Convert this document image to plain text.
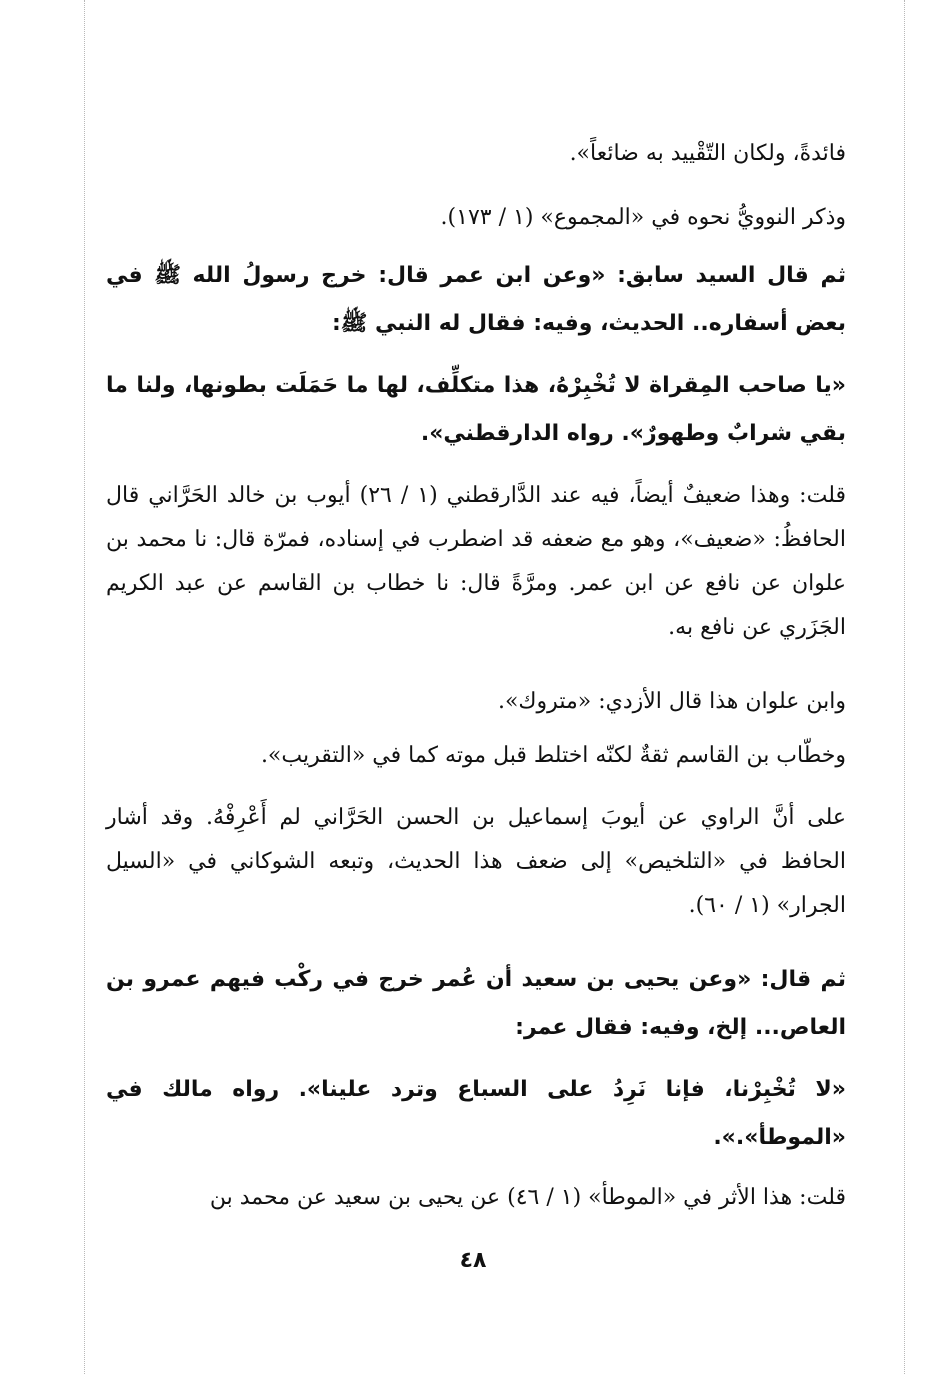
فائدةً، ولكان التّقْييد به ضائعاً».

وذكر النوويُّ نحوه في «المجموع» (١ / ١٧٣).

ثم قال السيد سابق: «وعن ابن عمر قال: خرج رسولُ الله ﷺ في بعض أسفاره.. الحديث، وفيه: فقال له النبي ﷺ:

«يا صاحب المِقراة لا تُخْبِرْهُ، هذا متكلِّف، لها ما حَمَلَت بطونها، ولنا ما بقي شرابٌ وطهورٌ». رواه الدارقطني».

قلت: وهذا ضعيفٌ أيضاً، فيه عند الدَّارقطني (١ / ٢٦) أيوب بن خالد الحَرَّاني قال الحافظُ: «ضعيف»، وهو مع ضعفه قد اضطرب في إسناده، فمرّة قال: نا محمد بن علوان عن نافع عن ابن عمر. ومرَّةً قال: نا خطاب بن القاسم عن عبد الكريم الجَزَري عن نافع به.

وابن علوان هذا قال الأزدي: «متروك».

وخطّاب بن القاسم ثقةٌ لكنّه اختلط قبل موته كما في «التقريب».

على أنَّ الراوي عن أيوبَ إسماعيل بن الحسن الحَرَّاني لم أَعْرِفْهُ. وقد أشار الحافظ في «التلخيص» إلى ضعف هذا الحديث، وتبعه الشوكاني في «السيل الجرار» (١ / ٦٠).

ثم قال: «وعن يحيى بن سعيد أن عُمر خرج في ركْب فيهم عمرو بن العاص... إلخ، وفيه: فقال عمر:

«لا تُخْبِرْنا، فإنا نَرِدُ على السباع وترد علينا». رواه مالك في «الموطأ».».

قلت: هذا الأثر في «الموطأ» (١ / ٤٦) عن يحيى بن سعيد عن محمد بن

٤٨
